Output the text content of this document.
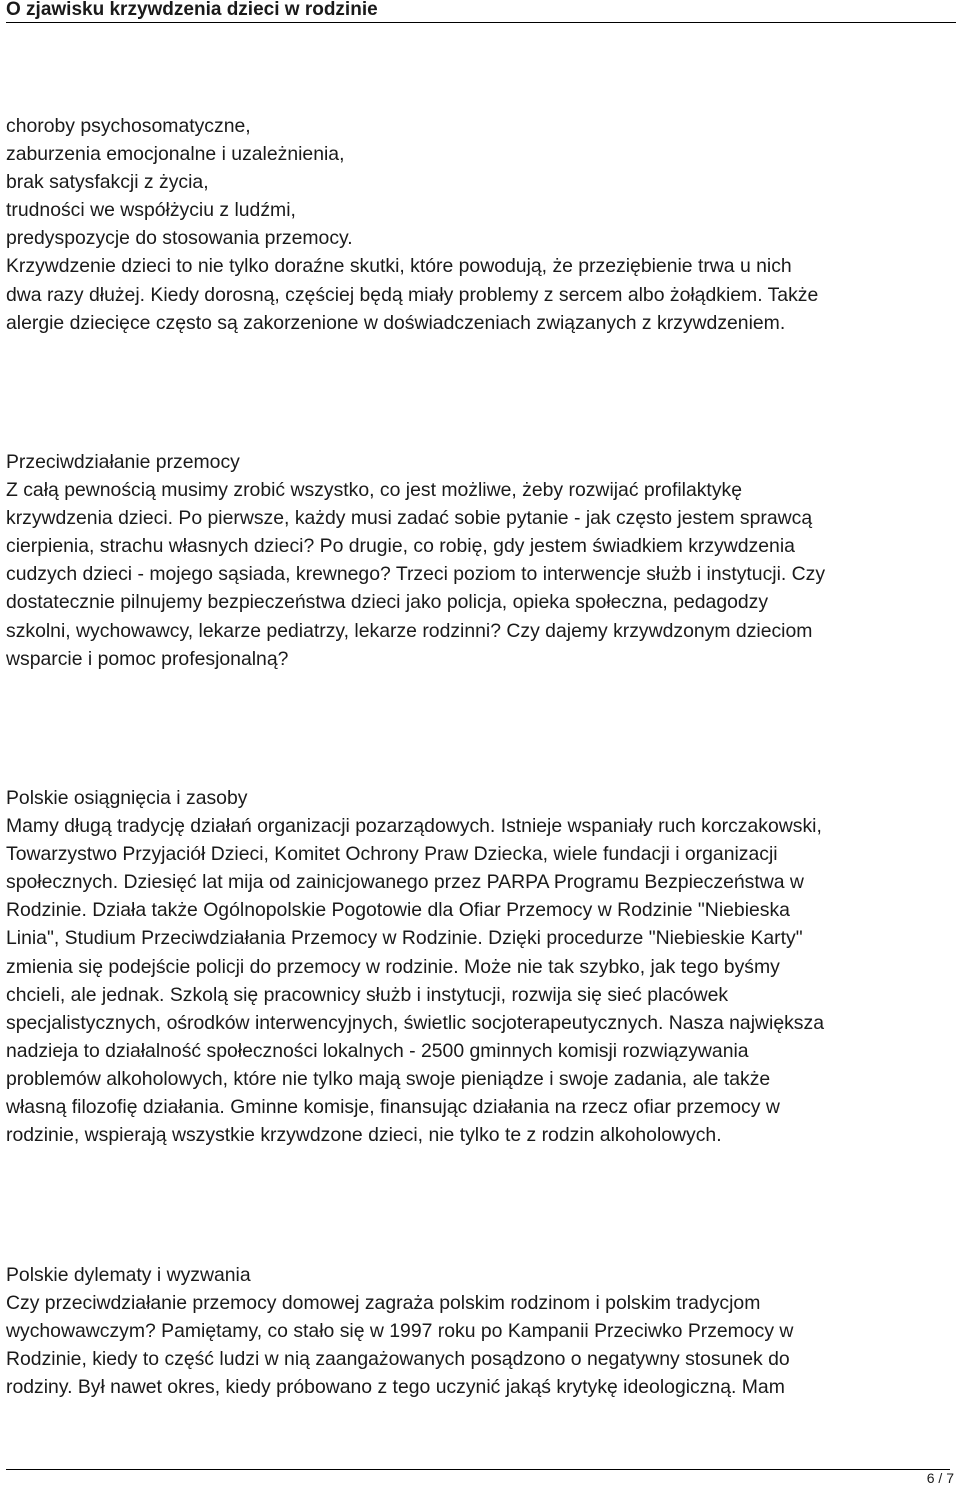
O zjawisku krzywdzenia dzieci w rodzinie

choroby psychosomatyczne,
zaburzenia emocjonalne i uzależnienia,
brak satysfakcji z życia,
trudności we współżyciu z ludźmi,
predyspozycje do stosowania przemocy.
Krzywdzenie dzieci to nie tylko doraźne skutki, które powodują, że przeziębienie trwa u nich
dwa razy dłużej. Kiedy dorosną, częściej będą miały problemy z sercem albo żołądkiem. Także
alergie dziecięce często są zakorzenione w doświadczeniach związanych z krzywdzeniem.

Przeciwdziałanie przemocy

Z całą pewnością musimy zrobić wszystko, co jest możliwe, żeby rozwijać profilaktykę
krzywdzenia dzieci. Po pierwsze, każdy musi zadać sobie pytanie - jak często jestem sprawcą
cierpienia, strachu własnych dzieci? Po drugie, co robię, gdy jestem świadkiem krzywdzenia
cudzych dzieci - mojego sąsiada, krewnego? Trzeci poziom to interwencje służb i instytucji. Czy
dostatecznie pilnujemy bezpieczeństwa dzieci jako policja, opieka społeczna, pedagodzy
szkolni, wychowawcy, lekarze pediatrzy, lekarze rodzinni? Czy dajemy krzywdzonym dzieciom
wsparcie i pomoc profesjonalną?

Polskie osiągnięcia i zasoby

Mamy długą tradycję działań organizacji pozarządowych. Istnieje wspaniały ruch korczakowski,
Towarzystwo Przyjaciół Dzieci, Komitet Ochrony Praw Dziecka, wiele fundacji i organizacji
społecznych. Dziesięć lat mija od zainicjowanego przez PARPA Programu Bezpieczeństwa w
Rodzinie. Działa także Ogólnopolskie Pogotowie dla Ofiar Przemocy w Rodzinie "Niebieska
Linia", Studium Przeciwdziałania Przemocy w Rodzinie. Dzięki procedurze "Niebieskie Karty"
zmienia się podejście policji do przemocy w rodzinie. Może nie tak szybko, jak tego byśmy
chcieli, ale jednak. Szkolą się pracownicy służb i instytucji, rozwija się sieć placówek
specjalistycznych, ośrodków interwencyjnych, świetlic socjoterapeutycznych. Nasza największa
nadzieja to działalność społeczności lokalnych - 2500 gminnych komisji rozwiązywania
problemów alkoholowych, które nie tylko mają swoje pieniądze i swoje zadania, ale także
własną filozofię działania. Gminne komisje, finansując działania na rzecz ofiar przemocy w
rodzinie, wspierają wszystkie krzywdzone dzieci, nie tylko te z rodzin alkoholowych.

Polskie dylematy i wyzwania

Czy przeciwdziałanie przemocy domowej zagraża polskim rodzinom i polskim tradycjom
wychowawczym? Pamiętamy, co stało się w 1997 roku po Kampanii Przeciwko Przemocy w
Rodzinie, kiedy to część ludzi w nią zaangażowanych posądzono o negatywny stosunek do
rodziny. Był nawet okres, kiedy próbowano z tego uczynić jakąś krytykę ideologiczną. Mam

6 / 7
